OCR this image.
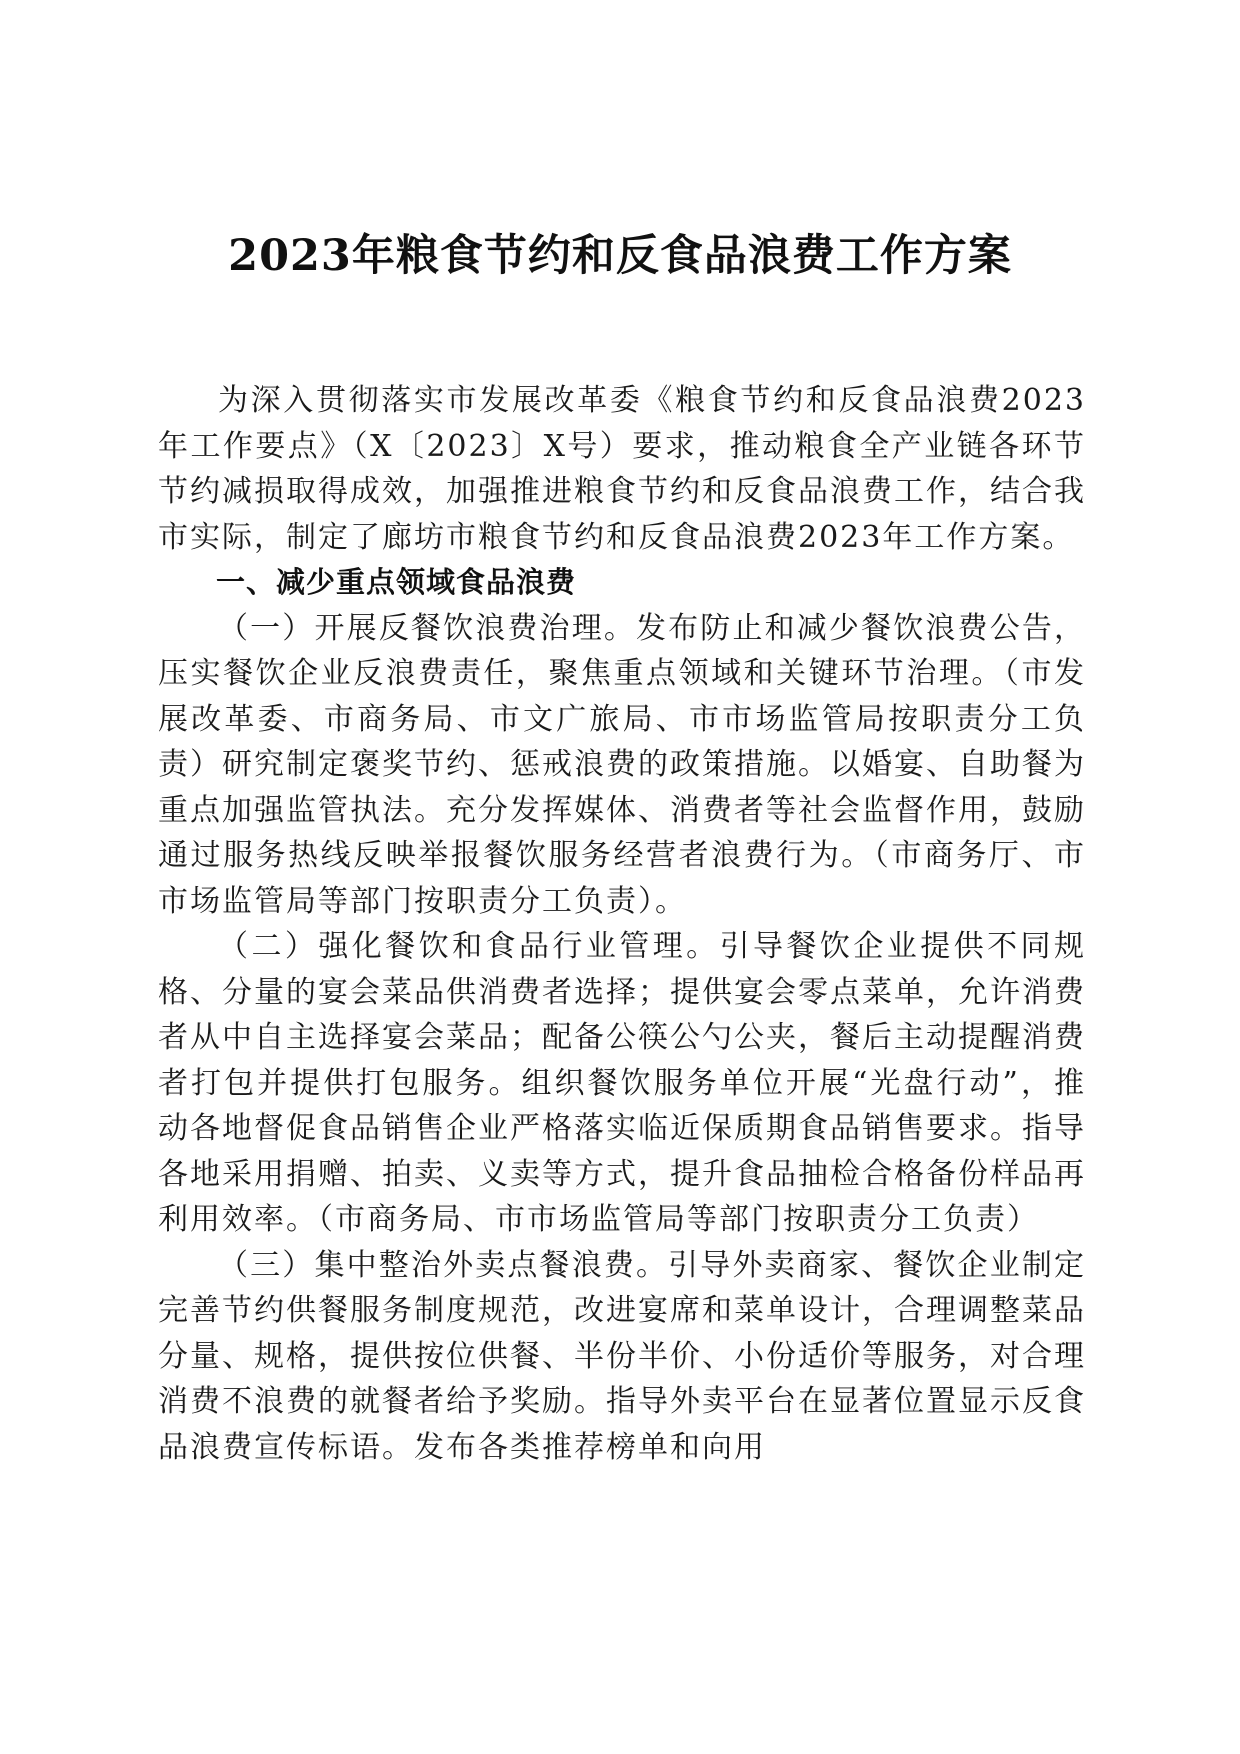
2023年粮食节约和反食品浪费工作方案

为深入贯彻落实市发展改革委《粮食节约和反食品浪费2023年工作要点》（X〔2023〕X号）要求，推动粮食全产业链各环节节约减损取得成效，加强推进粮食节约和反食品浪费工作，结合我市实际，制定了廊坊市粮食节约和反食品浪费2023年工作方案。

一、减少重点领域食品浪费

（一）开展反餐饮浪费治理。发布防止和减少餐饮浪费公告，压实餐饮企业反浪费责任，聚焦重点领域和关键环节治理。（市发展改革委、市商务局、市文广旅局、市市场监管局按职责分工负责）研究制定褒奖节约、惩戒浪费的政策措施。以婚宴、自助餐为重点加强监管执法。充分发挥媒体、消费者等社会监督作用，鼓励通过服务热线反映举报餐饮服务经营者浪费行为。（市商务厅、市市场监管局等部门按职责分工负责）。

（二）强化餐饮和食品行业管理。引导餐饮企业提供不同规格、分量的宴会菜品供消费者选择；提供宴会零点菜单，允许消费者从中自主选择宴会菜品；配备公筷公勺公夹，餐后主动提醒消费者打包并提供打包服务。组织餐饮服务单位开展“光盘行动”，推动各地督促食品销售企业严格落实临近保质期食品销售要求。指导各地采用捐赠、拍卖、义卖等方式，提升食品抽检合格备份样品再利用效率。（市商务局、市市场监管局等部门按职责分工负责）

（三）集中整治外卖点餐浪费。引导外卖商家、餐饮企业制定完善节约供餐服务制度规范，改进宴席和菜单设计，合理调整菜品分量、规格，提供按位供餐、半份半价、小份适价等服务，对合理消费不浪费的就餐者给予奖励。指导外卖平台在显著位置显示反食品浪费宣传标语。发布各类推荐榜单和向用
